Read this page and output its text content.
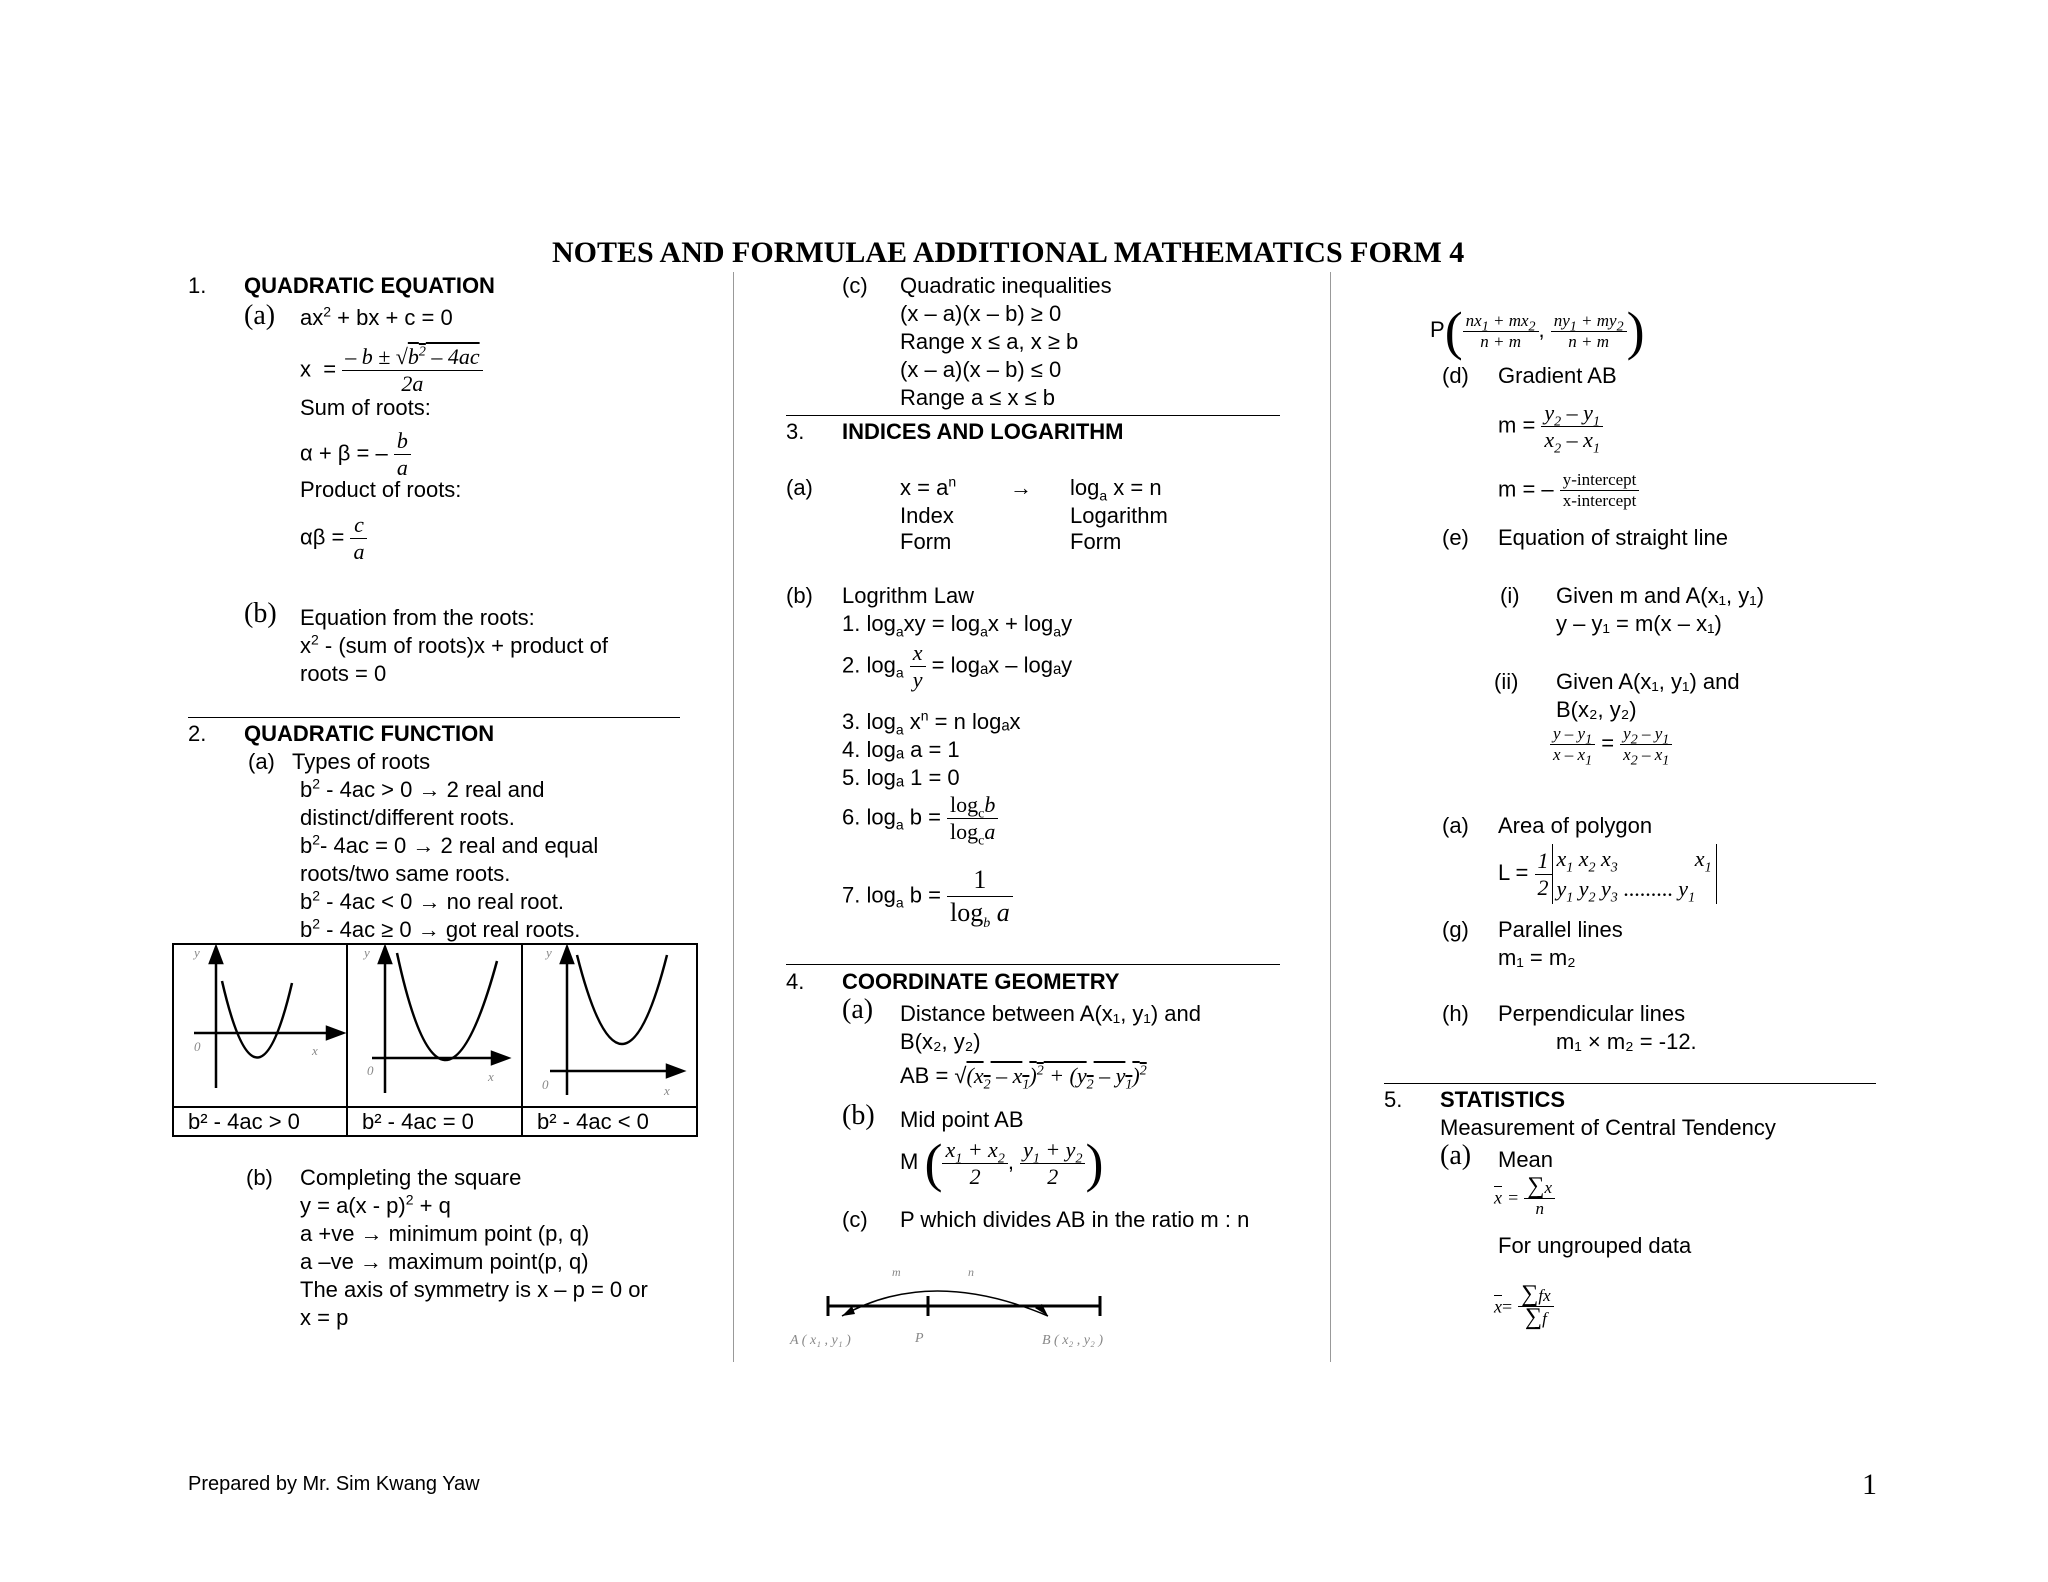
NOTES AND FORMULAE ADDITIONAL MATHEMATICS FORM 4
1. QUADRATIC EQUATION
(a) $ax^2$ + bx + c = 0
$x = \frac{- b \pm √b^2 - 4ac}{2a}$
Sum of roots:
α + β = – $\frac{b}{a}$
Product of roots:
$\alpha\beta = \frac{c}{a}$
(b) Equation from the roots:
$x^2 - (sum$ of roots)x + product of
roots = 0
2. QUADRATIC FUNCTION
(a) Types of roots
$b^2 - 4ac > 0 \to 2$ real and
distinct/different roots.
$b^2-$ 4ac = 0 → 2 real and equal
roots/two same roots.
$b^2 - 4ac < 0$ → no real root.
$b^2 - 4ac \ge 0$ → got real roots.
y
0	x
y
0	x
y
0	x
b² - 4ac > 0	b² - 4ac = 0	b² - 4ac < 0
(b) Completing the square
y = a(x - p)$^2$ + q
a +ve → minimum point (p, q)
a –ve → maximum point(p, q)
The axis of symmetry is x – p = 0 or
x = p
(c) Quadratic inequalities
(x – a)(x – b) ≥ 0
Range x ≤ a, x ≥ b
(x – a)(x – b) ≤ 0
Range a ≤ x ≤ b
3. INDICES AND LOGARITHM
(a)	$x = a^n \to \log_a x = n$
Index	Logarithm
Form	Form
(b) Logrithm Law
1. $\log_axy = \log_ax + \log_ay$
2. $\log_a \frac{x}{y} = \log_ax - \log_ay$
3. $\log_a x^n = n$ logₐx
4. logₐ a = 1
5. logₐ 1 = 0
6. $\log_a b = \frac{\log_cb}{\log_ca}$
7. $\log_a b = \frac{1}{\log_b a}$
4. COORDINATE GEOMETRY
(a) Distance between A(x₁, y₁) and
B(x₂, y₂)
AB = $√(x_2 - x_1)^2 + (y_2 - y_1)^2$
(b) Mid point AB
M ( $\frac{x_1 + x_2}{2}$ , $\frac{y_1 + y_2}{2}$ )
(c) P which divides AB in the ratio m : n
m	n
A ( x₁ , y₁ )	P	B ( x₂ , y₂ )
$P( \frac{nx_1 + mx_2}{n + m}$ , $\frac{ny_1 + my_2}{n + m}$ )
(d) Gradient AB
$m = \frac{y_2 - y_1}{x_2 - x_1}$
m = – $\frac{\text{y-intercept}}{\text{x-intercept}}$
(e) Equation of straight line
(i) Given m and A(x₁, y₁)
y – y₁ = m(x – x₁)
(ii) Given A(x₁, y₁) and
B(x₂, y₂)
$\frac{y - y_1}{x - x_1} = \frac{y_2 - y_1}{x_2 - x_1}$
(a) Area of polygon
$L = \frac{1}{2} x_1$ $x_2$ $x_3$              $x_1$
$y_1$ $y_2$ $y_3$ ......... $y_1$
(g) Parallel lines
m₁ = m₂
(h) Perpendicular lines
m₁ × m₂ = -12.
5. STATISTICS
Measurement of Central Tendency
(a) Mean
$\overline{x} = \frac{\sum x}{n}$
For ungrouped data
$\overline{x}= \frac{\sum fx}{\sum f}$
Prepared by Mr. Sim Kwang Yaw	1
